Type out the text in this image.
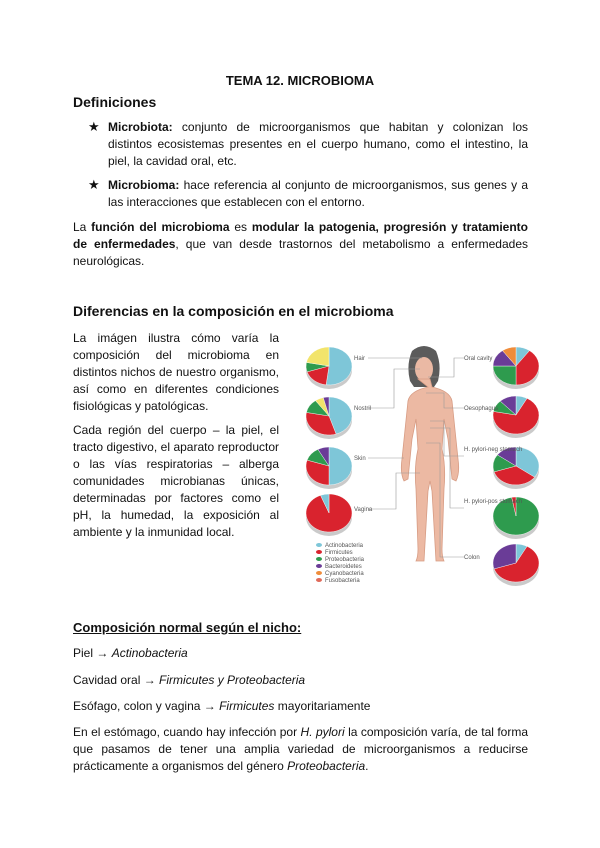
TEMA 12. MICROBIOMA
Definiciones
★ Microbiota: conjunto de microorganismos que habitan y colonizan los distintos ecosistemas presentes en el cuerpo humano, como el intestino, la piel, la cavidad oral, etc.
★ Microbioma: hace referencia al conjunto de microorganismos, sus genes y a las interacciones que establecen con el entorno.
La función del microbioma es modular la patogenia, progresión y tratamiento de enfermedades, que van desde trastornos del metabolismo a enfermedades neurológicas.
Diferencias en la composición en el microbioma
La imágen ilustra cómo varía la composición del microbioma en distintos nichos de nuestro organismo, así como en diferentes condiciones fisiológicas y patológicas.
Cada región del cuerpo – la piel, el tracto digestivo, el aparato reproductor o las vías respiratorias – alberga comunidades microbianas únicas, determinadas por factores como el pH, la humedad, la exposición al ambiente y la inmunidad local.
Hair
Nostril
Skin
Vagina
Oral cavity
Oesophagus
H. pylori-neg stomach
H. pylori-pos stomach
Colon
Actinobacteria
Firmicutes
Proteobacteria
Bacteroidetes
Cyanobacteria
Fusobacteria
Composición normal según el nicho:
Piel → Actinobacteria
Cavidad oral → Firmicutes y Proteobacteria
Esófago, colon y vagina → Firmicutes mayoritariamente
En el estómago, cuando hay infección por H. pylori la composición varía, de tal forma que pasamos de tener una amplia variedad de microorganismos a reducirse prácticamente a organismos del género Proteobacteria.
